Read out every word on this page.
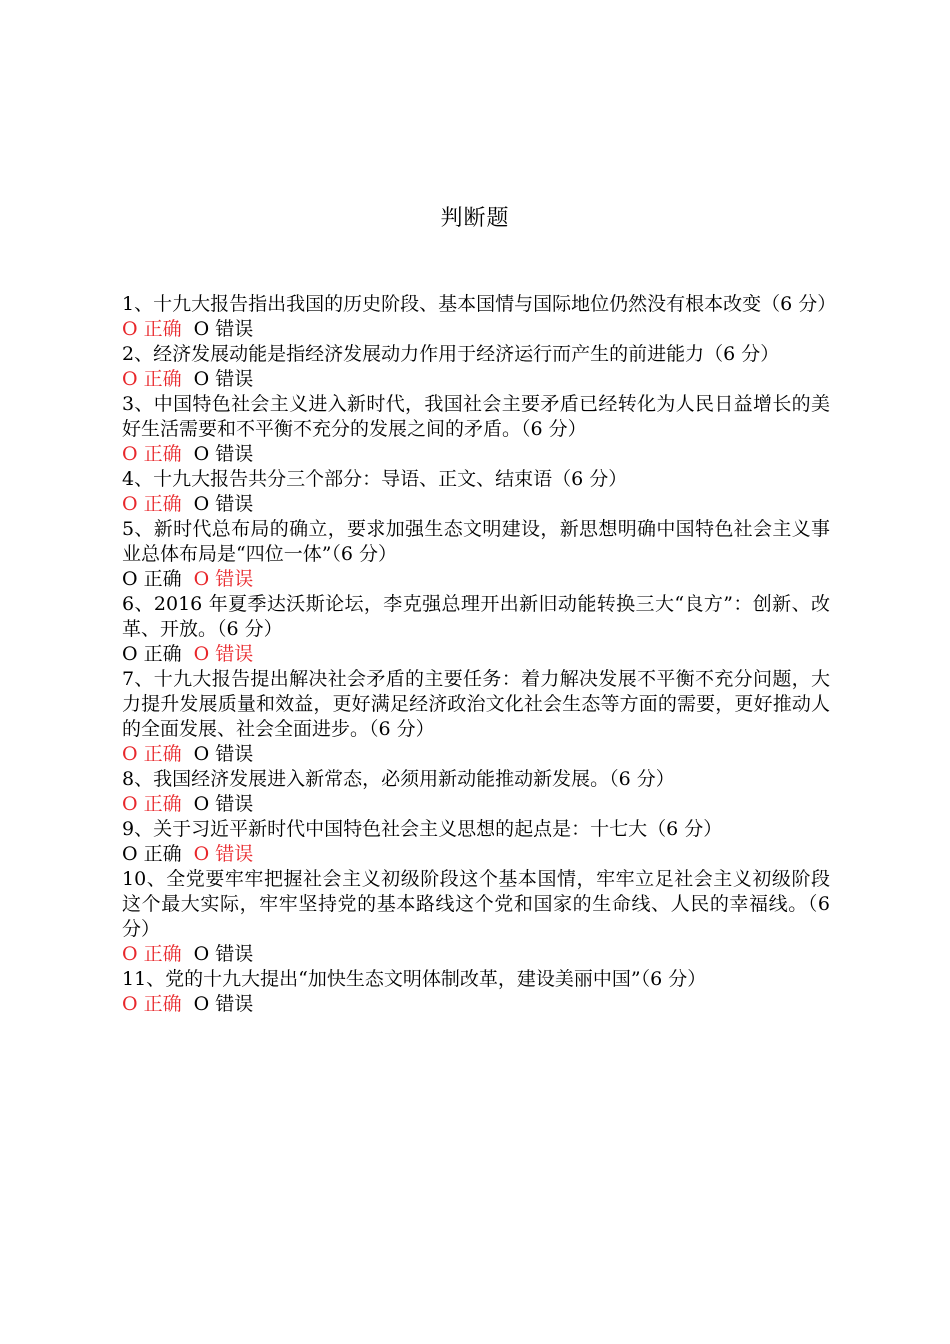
判断题
1、十九大报告指出我国的历史阶段、基本国情与国际地位仍然没有根本改变（6 分）
O 正确 O 错误
2、经济发展动能是指经济发展动力作用于经济运行而产生的前进能力（6 分）
O 正确 O 错误
3、中国特色社会主义进入新时代，我国社会主要矛盾已经转化为人民日益增长的美好生活需要和不平衡不充分的发展之间的矛盾。（6 分）
O 正确 O 错误
4、十九大报告共分三个部分：导语、正文、结束语（6 分）
O 正确 O 错误
5、新时代总布局的确立，要求加强生态文明建设，新思想明确中国特色社会主义事业总体布局是“四位一体”（6 分）
O 正确 O 错误
6、2016 年夏季达沃斯论坛，李克强总理开出新旧动能转换三大“良方”：创新、改革、开放。（6 分）
O 正确 O 错误
7、十九大报告提出解决社会矛盾的主要任务：着力解决发展不平衡不充分问题，大力提升发展质量和效益，更好满足经济政治文化社会生态等方面的需要，更好推动人的全面发展、社会全面进步。（6 分）
O 正确 O 错误
8、我国经济发展进入新常态，必须用新动能推动新发展。（6 分）
O 正确 O 错误
9、关于习近平新时代中国特色社会主义思想的起点是：十七大（6 分）
O 正确 O 错误
10、全党要牢牢把握社会主义初级阶段这个基本国情，牢牢立足社会主义初级阶段这个最大实际，牢牢坚持党的基本路线这个党和国家的生命线、人民的幸福线。（6 分）
O 正确 O 错误
11、党的十九大提出“加快生态文明体制改革，建设美丽中国”（6 分）
O 正确 O 错误
